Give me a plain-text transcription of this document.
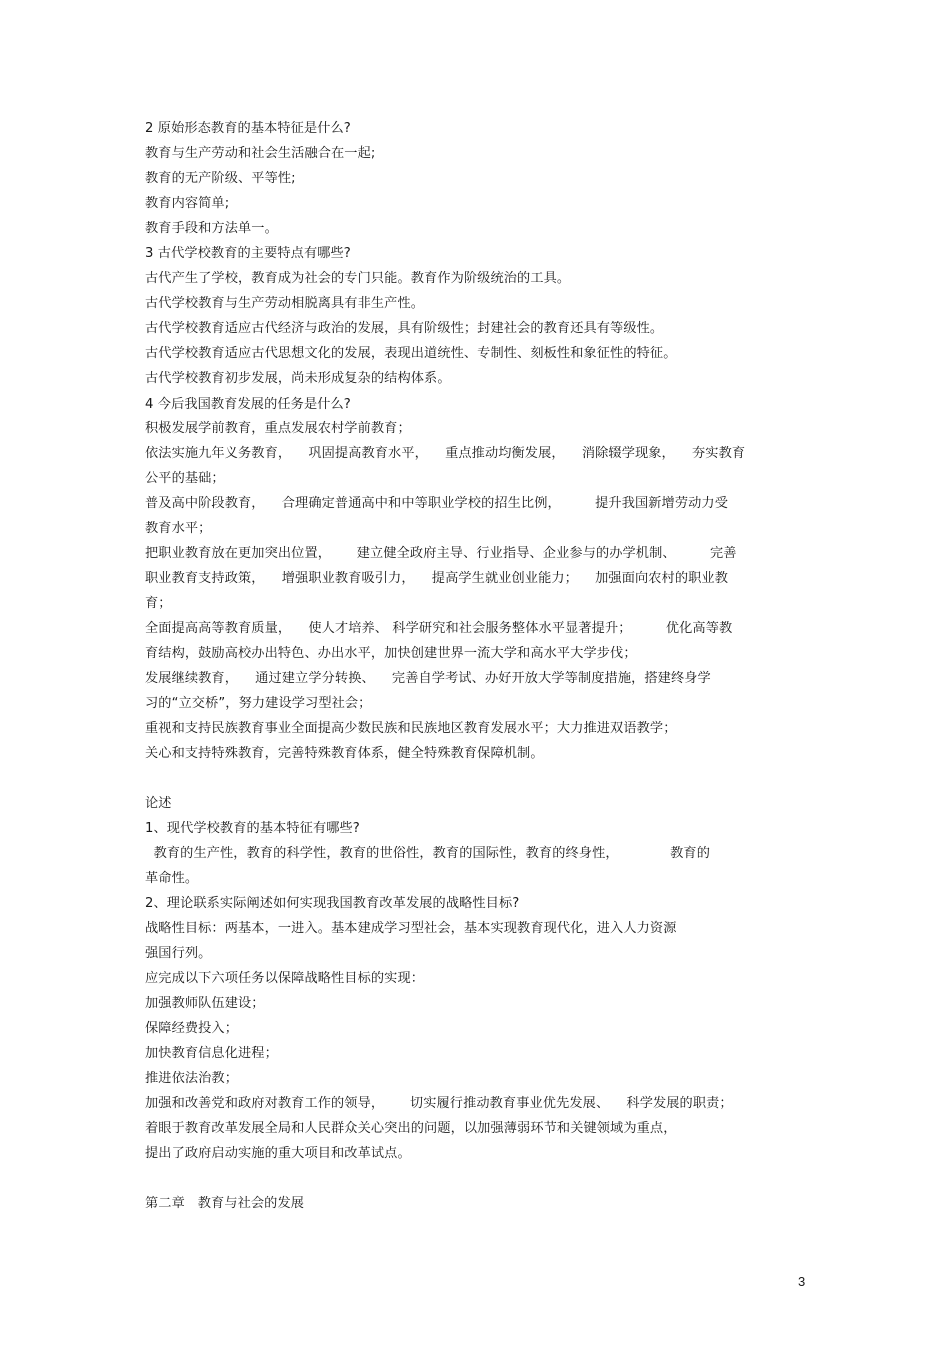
2 原始形态教育的基本特征是什么?
教育与生产劳动和社会生活融合在一起;
教育的无产阶级、平等性;
教育内容简单;
教育手段和方法单一。
3 古代学校教育的主要特点有哪些?
古代产生了学校，教育成为社会的专门只能。教育作为阶级统治的工具。
古代学校教育与生产劳动相脱离具有非生产性。
古代学校教育适应古代经济与政治的发展，具有阶级性；封建社会的教育还具有等级性。
古代学校教育适应古代思想文化的发展，表现出道统性、专制性、刻板性和象征性的特征。
古代学校教育初步发展，尚未形成复杂的结构体系。
4 今后我国教育发展的任务是什么?
积极发展学前教育，重点发展农村学前教育；
依法实施九年义务教育，    巩固提高教育水平，    重点推动均衡发展，    消除辍学现象，    夯实教育
公平的基础；
普及高中阶段教育，    合理确定普通高中和中等职业学校的招生比例，        提升我国新增劳动力受
教育水平；
把职业教育放在更加突出位置，      建立健全政府主导、行业指导、企业参与的办学机制、        完善
职业教育支持政策，    增强职业教育吸引力，    提高学生就业创业能力；    加强面向农村的职业教
育；
全面提高高等教育质量，    使人才培养、 科学研究和社会服务整体水平显著提升；        优化高等教
育结构，鼓励高校办出特色、办出水平，加快创建世界一流大学和高水平大学步伐；
发展继续教育，    通过建立学分转换、    完善自学考试、办好开放大学等制度措施，搭建终身学
习的“立交桥”，努力建设学习型社会；
重视和支持民族教育事业全面提高少数民族和民族地区教育发展水平；大力推进双语教学；
关心和支持特殊教育，完善特殊教育体系，健全特殊教育保障机制。
论述
1、现代学校教育的基本特征有哪些?
教育的生产性，教育的科学性，教育的世俗性，教育的国际性，教育的终身性，            教育的
革命性。
2、理论联系实际阐述如何实现我国教育改革发展的战略性目标?
战略性目标：两基本，一进入。基本建成学习型社会，基本实现教育现代化，进入人力资源
强国行列。
应完成以下六项任务以保障战略性目标的实现：
加强教师队伍建设；
保障经费投入；
加快教育信息化进程；
推进依法治教；
加强和改善党和政府对教育工作的领导，      切实履行推动教育事业优先发展、    科学发展的职责；
着眼于教育改革发展全局和人民群众关心突出的问题，以加强薄弱环节和关键领域为重点，
提出了政府启动实施的重大项目和改革试点。
第二章   教育与社会的发展
3
